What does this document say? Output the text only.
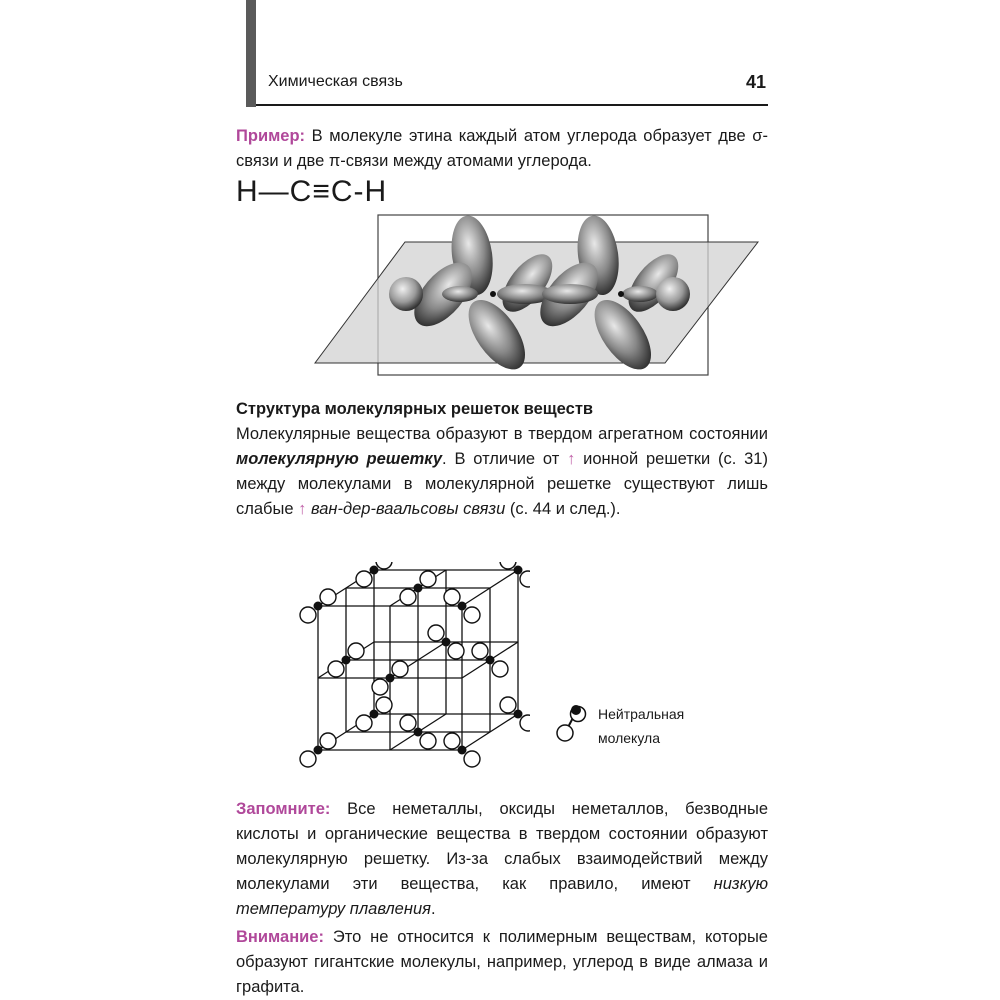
Химическая связь	41
Пример: В молекуле этина каждый атом углерода образует две σ-связи и две π-связи между атомами углерода.
H—C≡C-H
Структура молекулярных решеток веществ
Молекулярные вещества образуют в твердом агрегатном состоянии молекулярную решетку. В отличие от ↑ ионной решетки (с. 31) между молекулами в молекулярной решетке существуют лишь слабые ↑ ван-дер-ваальсовы связи (с. 44 и след.).
Нейтральная
молекула
Запомните: Все неметаллы, оксиды неметаллов, безводные кислоты и органические вещества в твердом состоянии образуют молекулярную решетку. Из-за слабых взаимодействий между молекулами эти вещества, как правило, имеют низкую температуру плавления.
Внимание: Это не относится к полимерным веществам, которые образуют гигантские молекулы, например, углерод в виде алмаза и графита.
